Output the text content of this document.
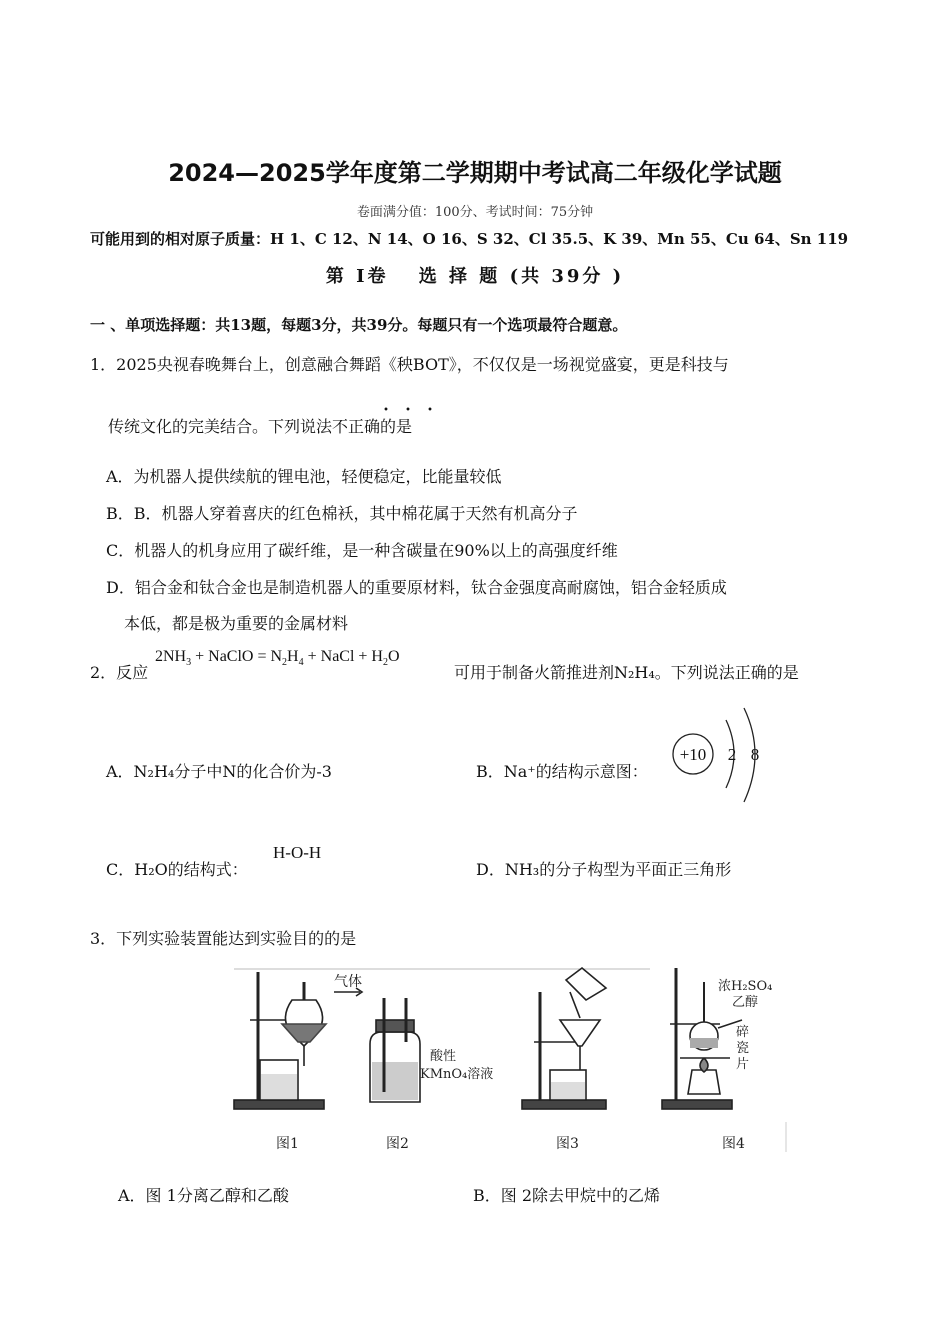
2024—2025学年度第二学期期中考试高二年级化学试题
卷面满分值：100分、考试时间：75分钟
可能用到的相对原子质量：H 1、C 12、N 14、O 16、S 32、Cl 35.5、K 39、Mn 55、Cu 64、Sn 119
第 I卷　 选 择 题 (共 39分 )
一 、单项选择题：共13题，每题3分，共39分。每题只有一个选项最符合题意。
1．2025央视春晚舞台上，创意融合舞蹈《秧BOT》，不仅仅是一场视觉盛宴，更是科技与
・・・
传统文化的完美结合。下列说法不正确的是
A．为机器人提供续航的锂电池，轻便稳定，比能量较低
B．B．机器人穿着喜庆的红色棉袄，其中棉花属于天然有机高分子
C．机器人的机身应用了碳纤维，是一种含碳量在90%以上的高强度纤维
D．铝合金和钛合金也是制造机器人的重要原材料，钛合金强度高耐腐蚀，铝合金轻质成
本低，都是极为重要的金属材料
2．反应
$2NH_3$ + NaClO = $N_2H_4$ + NaCl + $H_2O$
可用于制备火箭推进剂N₂H₄。下列说法正确的是
A．N₂H₄分子中N的化合价为-3	B．Na⁺的结构示意图：
+10 2 8
C．H₂O的结构式：
H-O-H
D．NH₃的分子构型为平面正三角形
3．下列实验装置能达到实验目的的是
图1
气体
酸性
KMnO₄溶液
图2	图3
浓H₂SO₄
乙醇
碎
瓷
片
图4
A．图 1分离乙醇和乙酸	B．图 2除去甲烷中的乙烯
